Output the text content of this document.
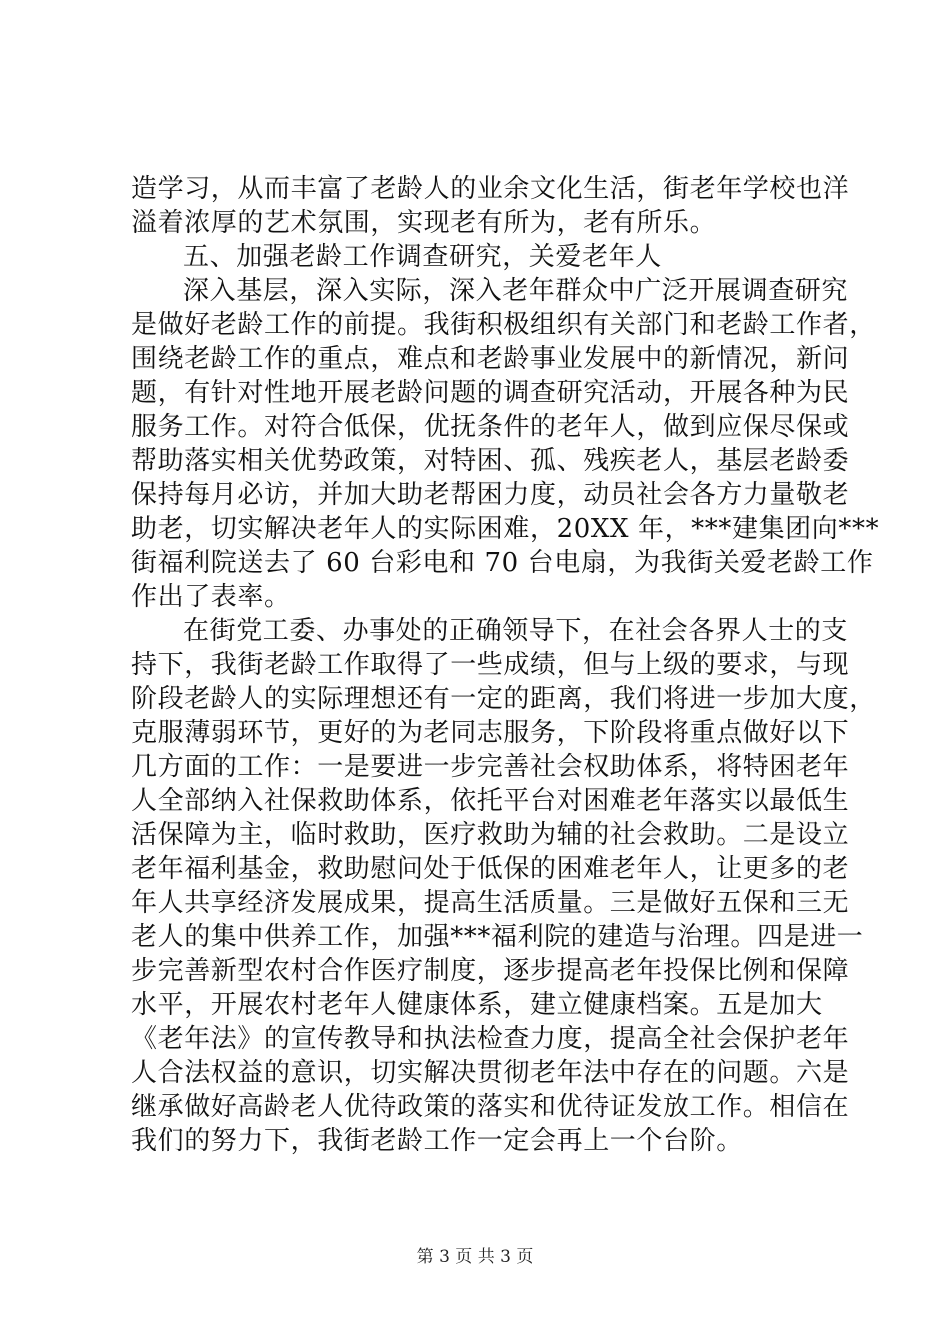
造学习，从而丰富了老龄人的业余文化生活，街老年学校也洋
溢着浓厚的艺术氛围，实现老有所为，老有所乐。
五、加强老龄工作调查研究，关爱老年人
深入基层，深入实际，深入老年群众中广泛开展调查研究
是做好老龄工作的前提。我街积极组织有关部门和老龄工作者，
围绕老龄工作的重点，难点和老龄事业发展中的新情况，新问
题，有针对性地开展老龄问题的调查研究活动，开展各种为民
服务工作。对符合低保，优抚条件的老年人，做到应保尽保或
帮助落实相关优势政策，对特困、孤、残疾老人，基层老龄委
保持每月必访，并加大助老帮困力度，动员社会各方力量敬老
助老，切实解决老年人的实际困难，20XX 年，***建集团向***
街福利院送去了 60 台彩电和 70 台电扇，为我街关爱老龄工作
作出了表率。
在街党工委、办事处的正确领导下，在社会各界人士的支
持下，我街老龄工作取得了一些成绩，但与上级的要求，与现
阶段老龄人的实际理想还有一定的距离，我们将进一步加大度，
克服薄弱环节，更好的为老同志服务，下阶段将重点做好以下
几方面的工作：一是要进一步完善社会权助体系，将特困老年
人全部纳入社保救助体系，依托平台对困难老年落实以最低生
活保障为主，临时救助，医疗救助为辅的社会救助。二是设立
老年福利基金，救助慰问处于低保的困难老年人，让更多的老
年人共享经济发展成果，提高生活质量。三是做好五保和三无
老人的集中供养工作，加强***福利院的建造与治理。四是进一
步完善新型农村合作医疗制度，逐步提高老年投保比例和保障
水平，开展农村老年人健康体系，建立健康档案。五是加大
《老年法》的宣传教导和执法检查力度，提高全社会保护老年
人合法权益的意识，切实解决贯彻老年法中存在的问题。六是
继承做好高龄老人优待政策的落实和优待证发放工作。相信在
我们的努力下，我街老龄工作一定会再上一个台阶。
第 3 页 共 3 页
